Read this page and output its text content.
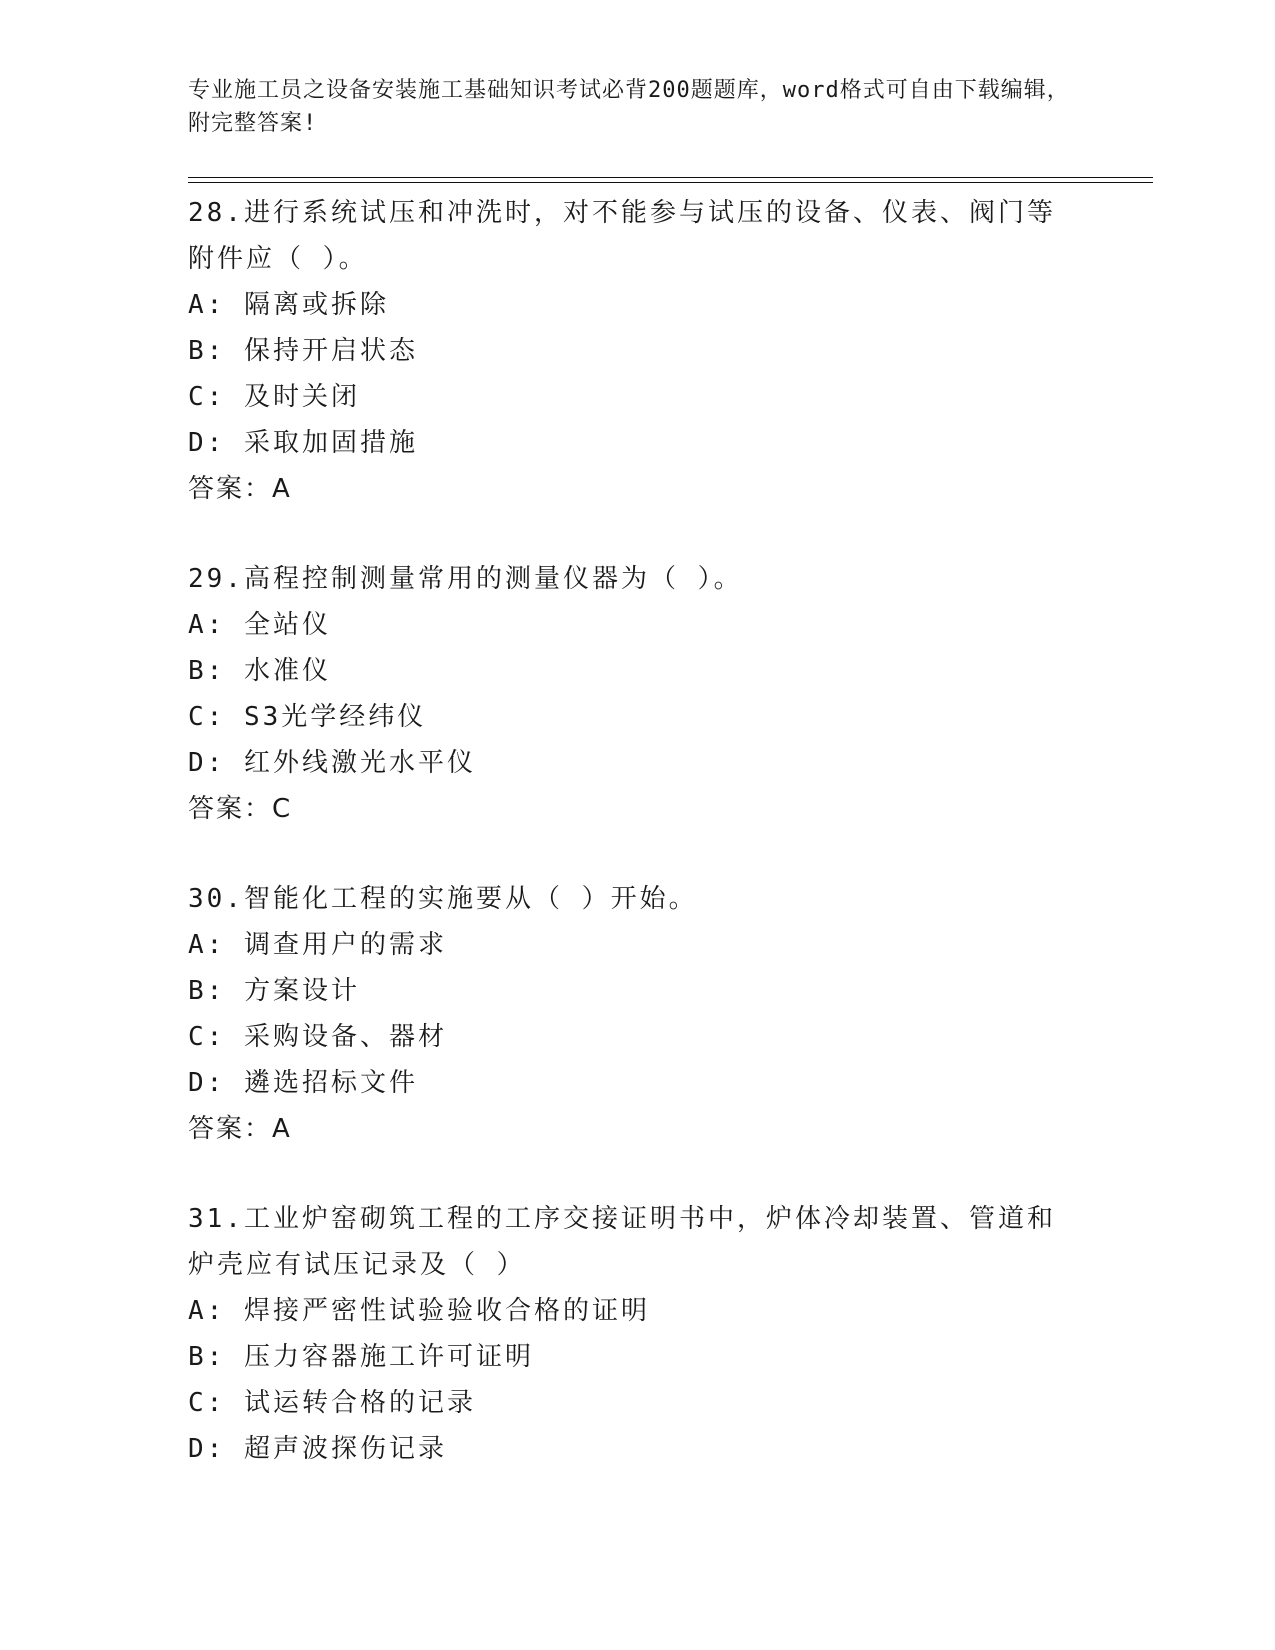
专业施工员之设备安装施工基础知识考试必背200题题库，word格式可自由下载编辑，附完整答案!
28.进行系统试压和冲洗时，对不能参与试压的设备、仪表、阀门等附件应（ ）。
A: 隔离或拆除
B: 保持开启状态
C: 及时关闭
D: 采取加固措施
答案：A
29.高程控制测量常用的测量仪器为（ ）。
A: 全站仪
B: 水准仪
C: S3光学经纬仪
D: 红外线激光水平仪
答案：C
30.智能化工程的实施要从（ ）开始。
A: 调查用户的需求
B: 方案设计
C: 采购设备、器材
D: 遴选招标文件
答案：A
31.工业炉窑砌筑工程的工序交接证明书中，炉体冷却装置、管道和炉壳应有试压记录及（ ）
A: 焊接严密性试验验收合格的证明
B: 压力容器施工许可证明
C: 试运转合格的记录
D: 超声波探伤记录
